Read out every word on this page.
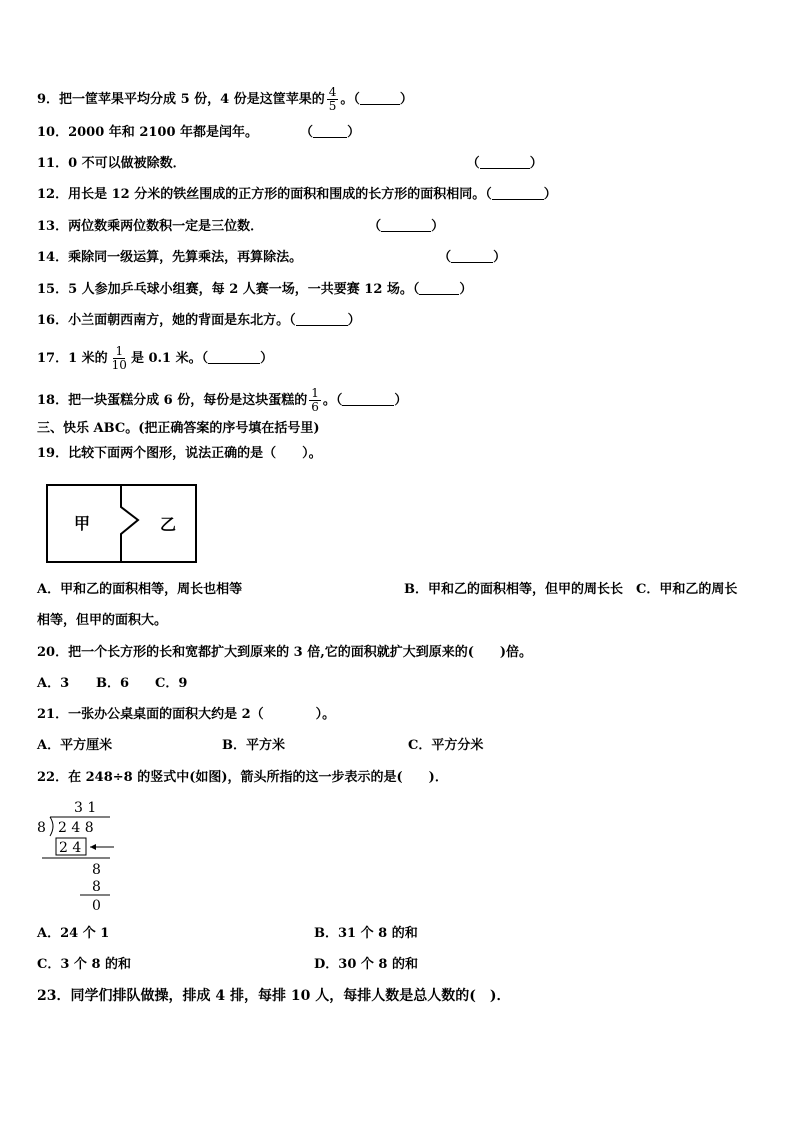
9．把一筐苹果平均分成 5 份，4 份是这筐苹果的 $\frac{4}{5}$ 。（	）
10．2000 年和 2100 年都是闰年。	（	）
11．0 不可以做被除数．	（	）
12．用长是 12 分米的铁丝围成的正方形的面积和围成的长方形的面积相同。（	）
13．两位数乘两位数积一定是三位数．	（	）
14．乘除同一级运算，先算乘法，再算除法。	（	）
15．5 人参加乒乓球小组赛，每 2 人赛一场，一共要赛 12 场。（	）
16．小兰面朝西南方，她的背面是东北方。（	）
17．1 米的 $\frac{1}{10}$ 是 0.1 米。（	）
18．把一块蛋糕分成 6 份，每份是这块蛋糕的 $\frac{1}{6}$ 。（	）
三、快乐 ABC。(把正确答案的序号填在括号里)
19．比较下面两个图形，说法正确的是（　　）。
甲	乙
A．甲和乙的面积相等，周长也相等	B．甲和乙的面积相等，但甲的周长长　C．甲和乙的周长
相等，但甲的面积大。
20．把一个长方形的长和宽都扩大到原来的 3 倍,它的面积就扩大到原来的(　　)倍。
A．3 B．6 C．9
21．一张办公桌桌面的面积大约是 2（　　　　）。
A．平方厘米	B．平方米	C．平方分米
22．在 248÷8 的竖式中(如图)，箭头所指的这一步表示的是(　　)．
3 1
8 2 4 8
2 4
8
8
0
A．24 个 1	B．31 个 8 的和
C．3 个 8 的和	D．30 个 8 的和
23．同学们排队做操，排成 4 排，每排 10 人，每排人数是总人数的(　)．
